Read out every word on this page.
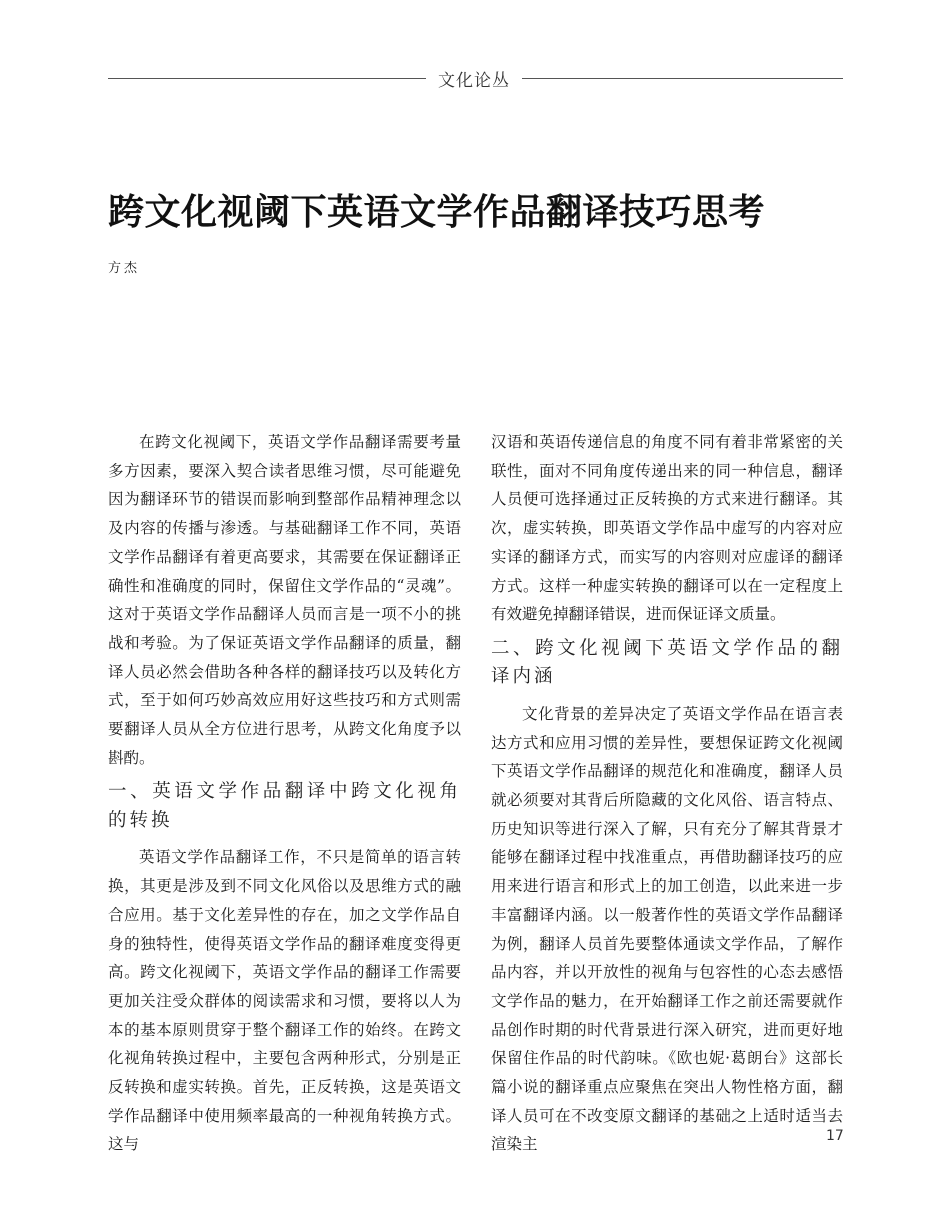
文化论丛
跨文化视阈下英语文学作品翻译技巧思考
方杰

在跨文化视阈下，英语文学作品翻译需要考量多方因素，要深入契合读者思维习惯，尽可能避免因为翻译环节的错误而影响到整部作品精神理念以及内容的传播与渗透。与基础翻译工作不同，英语文学作品翻译有着更高要求，其需要在保证翻译正确性和准确度的同时，保留住文学作品的“灵魂”。这对于英语文学作品翻译人员而言是一项不小的挑战和考验。为了保证英语文学作品翻译的质量，翻译人员必然会借助各种各样的翻译技巧以及转化方式，至于如何巧妙高效应用好这些技巧和方式则需要翻译人员从全方位进行思考，从跨文化角度予以斟酌。

一、英语文学作品翻译中跨文化视角的转换

英语文学作品翻译工作，不只是简单的语言转换，其更是涉及到不同文化风俗以及思维方式的融合应用。基于文化差异性的存在，加之文学作品自身的独特性，使得英语文学作品的翻译难度变得更高。跨文化视阈下，英语文学作品的翻译工作需要更加关注受众群体的阅读需求和习惯，要将以人为本的基本原则贯穿于整个翻译工作的始终。在跨文化视角转换过程中，主要包含两种形式，分别是正反转换和虚实转换。首先，正反转换，这是英语文学作品翻译中使用频率最高的一种视角转换方式。这与

汉语和英语传递信息的角度不同有着非常紧密的关联性，面对不同角度传递出来的同一种信息，翻译人员便可选择通过正反转换的方式来进行翻译。其次，虚实转换，即英语文学作品中虚写的内容对应实译的翻译方式，而实写的内容则对应虚译的翻译方式。这样一种虚实转换的翻译可以在一定程度上有效避免掉翻译错误，进而保证译文质量。

二、跨文化视阈下英语文学作品的翻译内涵

文化背景的差异决定了英语文学作品在语言表达方式和应用习惯的差异性，要想保证跨文化视阈下英语文学作品翻译的规范化和准确度，翻译人员就必须要对其背后所隐藏的文化风俗、语言特点、历史知识等进行深入了解，只有充分了解其背景才能够在翻译过程中找准重点，再借助翻译技巧的应用来进行语言和形式上的加工创造，以此来进一步丰富翻译内涵。以一般著作性的英语文学作品翻译为例，翻译人员首先要整体通读文学作品，了解作品内容，并以开放性的视角与包容性的心态去感悟文学作品的魅力，在开始翻译工作之前还需要就作品创作时期的时代背景进行深入研究，进而更好地保留住作品的时代韵味。《欧也妮·葛朗台》这部长篇小说的翻译重点应聚焦在突出人物性格方面，翻译人员可在不改变原文翻译的基础之上适时适当去渲染主	17
